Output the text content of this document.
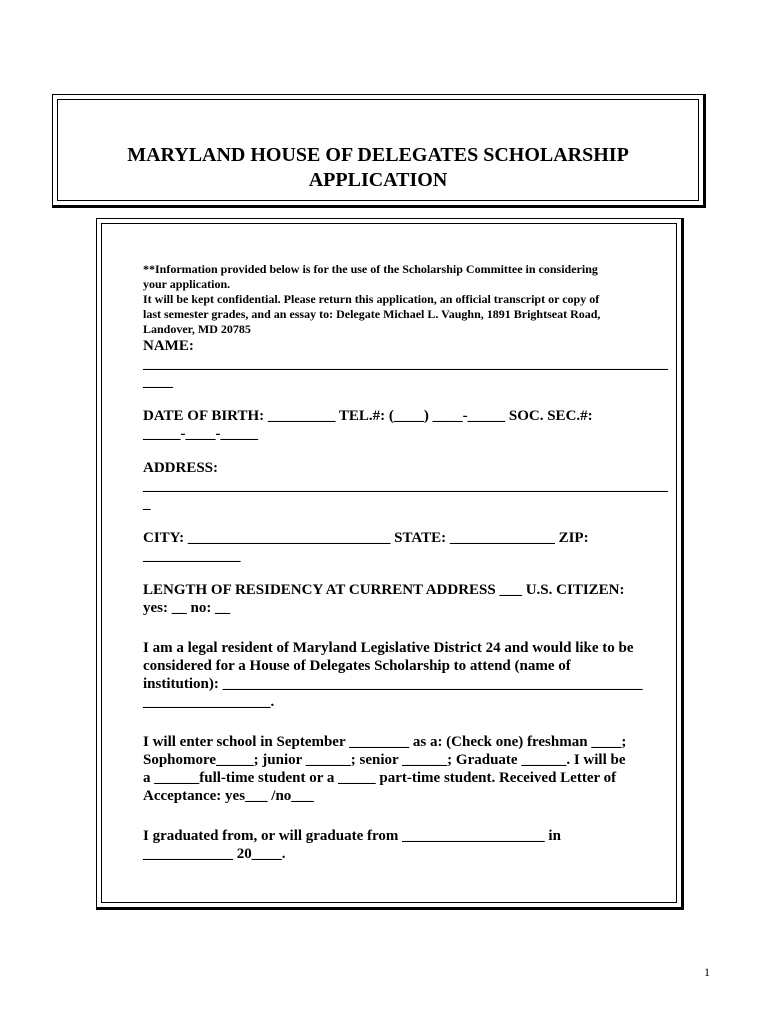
MARYLAND HOUSE OF DELEGATES SCHOLARSHIP
APPLICATION

**Information provided below is for the use of the Scholarship Committee in considering

your application.

It will be kept confidential. Please return this application, an official transcript or copy of

last semester grades, and an essay to: Delegate Michael L. Vaughn, 1891 Brightseat Road,

Landover, MD 20785

NAME:

______________________________________________________________________

____

DATE OF BIRTH: _________ TEL.#: (____) ____-_____ SOC. SEC.#:

_____-____-_____

ADDRESS:

______________________________________________________________________

_

CITY: ___________________________ STATE: ______________ ZIP:

_____________

LENGTH OF RESIDENCY AT CURRENT ADDRESS ___ U.S. CITIZEN:

yes: __ no: __

I am a legal resident of Maryland Legislative District 24 and would like to be

considered for a House of Delegates Scholarship to attend (name of

institution): ________________________________________________________

_________________.

I will enter school in September ________ as a: (Check one) freshman ____;

Sophomore_____; junior ______; senior ______; Graduate ______. I will be

a ______full-time student or a _____ part-time student. Received Letter of

Acceptance: yes___ /no___

I graduated from, or will graduate from ___________________ in

____________ 20____.

1
